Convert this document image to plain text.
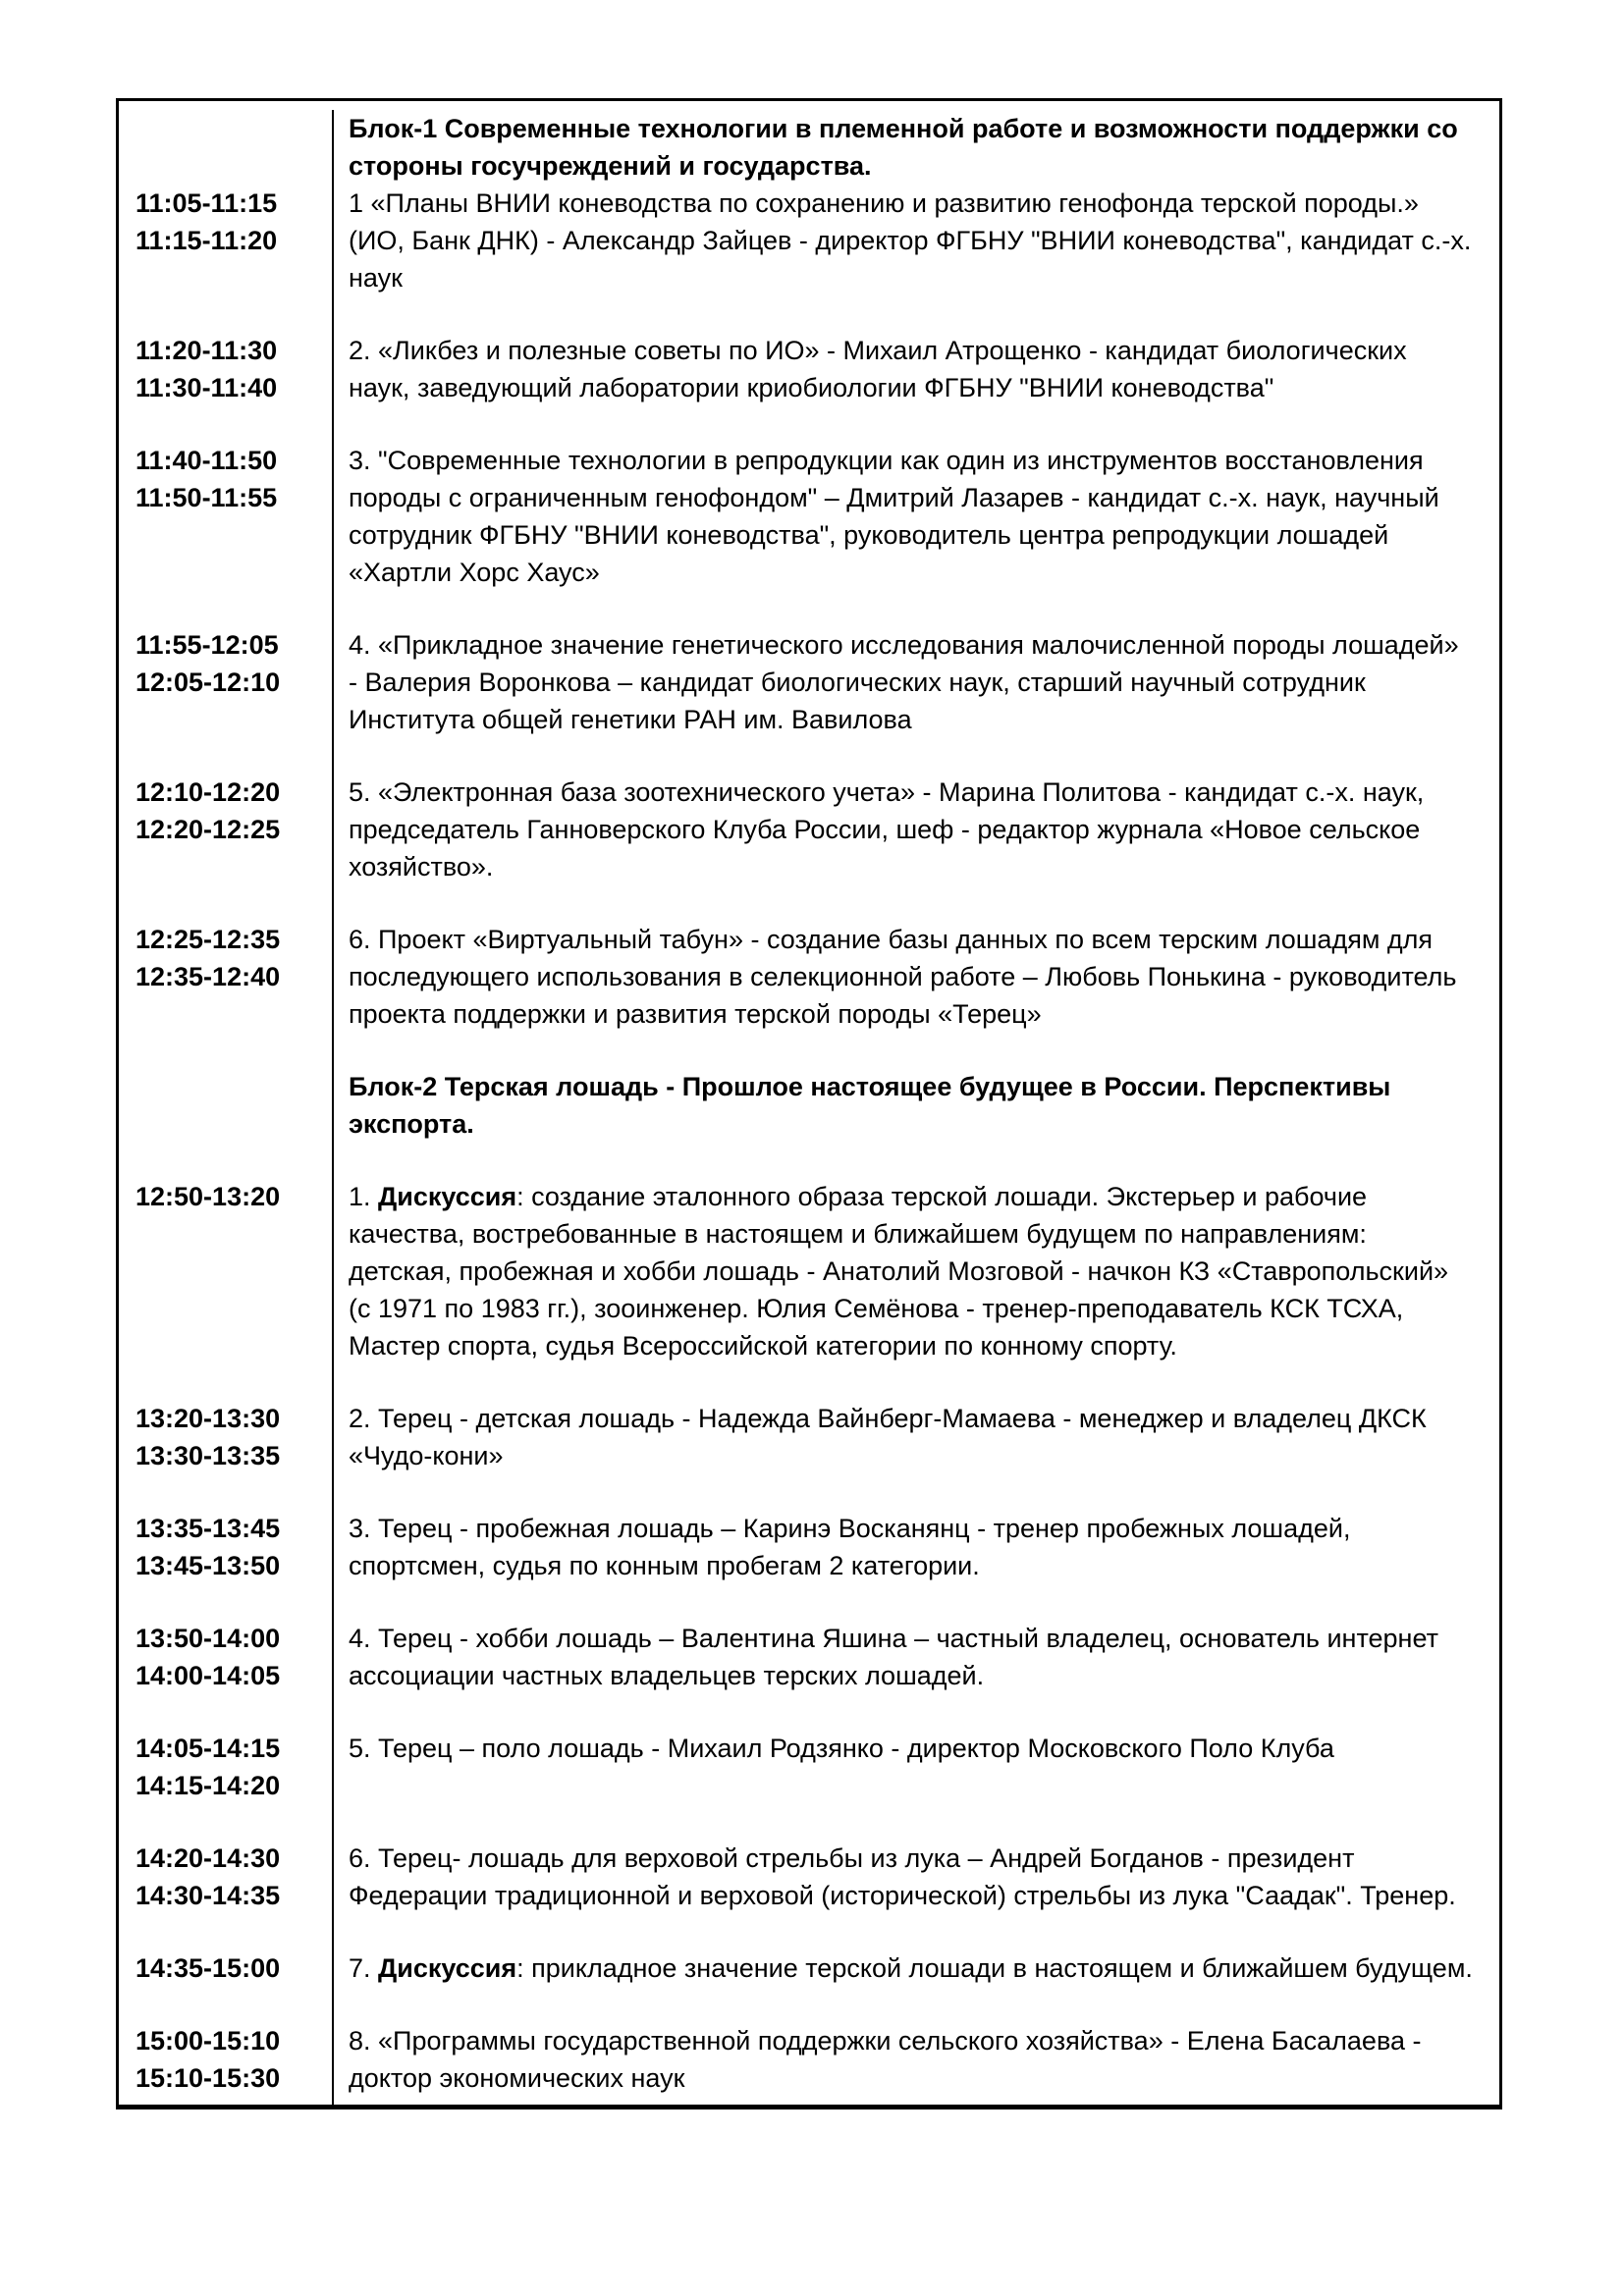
Блок-1 Современные технологии в племенной работе и возможности поддержки со стороны госучреждений и государства.
11:05-11:15
11:15-11:20
1 «Планы ВНИИ коневодства по сохранению и развитию генофонда терской породы.» (ИО, Банк ДНК) - Александр Зайцев - директор ФГБНУ "ВНИИ коневодства", кандидат с.-х. наук
11:20-11:30
11:30-11:40
2. «Ликбез и полезные советы по ИО» - Михаил Атрощенко - кандидат биологических наук, заведующий лаборатории криобиологии ФГБНУ "ВНИИ коневодства"
11:40-11:50
11:50-11:55
3. "Современные технологии в репродукции как один из инструментов восстановления породы с ограниченным генофондом" – Дмитрий Лазарев - кандидат с.-х. наук, научный сотрудник ФГБНУ "ВНИИ коневодства", руководитель центра репродукции лошадей «Хартли Хорс Хаус»
11:55-12:05
12:05-12:10
4. «Прикладное значение генетического исследования малочисленной породы лошадей» - Валерия Воронкова – кандидат биологических наук, старший научный сотрудник Института общей генетики РАН им. Вавилова
12:10-12:20
12:20-12:25
5. «Электронная база зоотехнического учета» - Марина Политова - кандидат с.-х. наук, председатель Ганноверского Клуба России, шеф - редактор журнала «Новое сельское хозяйство».
12:25-12:35
12:35-12:40
6. Проект «Виртуальный табун» - создание базы данных по всем терским лошадям для последующего использования в селекционной работе – Любовь Понькина - руководитель проекта поддержки и развития терской породы «Терец»
Блок-2 Терская лошадь - Прошлое настоящее будущее в России. Перспективы экспорта.
12:50-13:20	1. Дискуссия: создание эталонного образа терской лошади. Экстерьер и рабочие качества, востребованные в настоящем и ближайшем будущем по направлениям: детская, пробежная и хобби лошадь - Анатолий Мозговой - начкон КЗ «Ставропольский» (с 1971 по 1983 гг.), зооинженер. Юлия Семёнова - тренер-преподаватель КСК ТСХА, Мастер спорта, судья Всероссийской категории по конному спорту.
13:20-13:30
13:30-13:35
2. Терец - детская лошадь - Надежда Вайнберг-Мамаева - менеджер и владелец ДКСК «Чудо-кони»
13:35-13:45
13:45-13:50
3. Терец - пробежная лошадь – Каринэ Восканянц - тренер пробежных лошадей, спортсмен, судья по конным пробегам 2 категории.
13:50-14:00
14:00-14:05
4. Терец - хобби лошадь – Валентина Яшина – частный владелец, основатель интернет ассоциации частных владельцев терских лошадей.
14:05-14:15
14:15-14:20
5. Терец – поло лошадь - Михаил Родзянко - директор Московского Поло Клуба
14:20-14:30
14:30-14:35
6. Терец- лошадь для верховой стрельбы из лука – Андрей Богданов - президент Федерации традиционной и верховой (исторической) стрельбы из лука "Саадак". Тренер.
14:35-15:00	7. Дискуссия: прикладное значение терской лошади в настоящем и ближайшем будущем.
15:00-15:10
15:10-15:30
8. «Программы государственной поддержки сельского хозяйства» - Елена Басалаева - доктор экономических наук
